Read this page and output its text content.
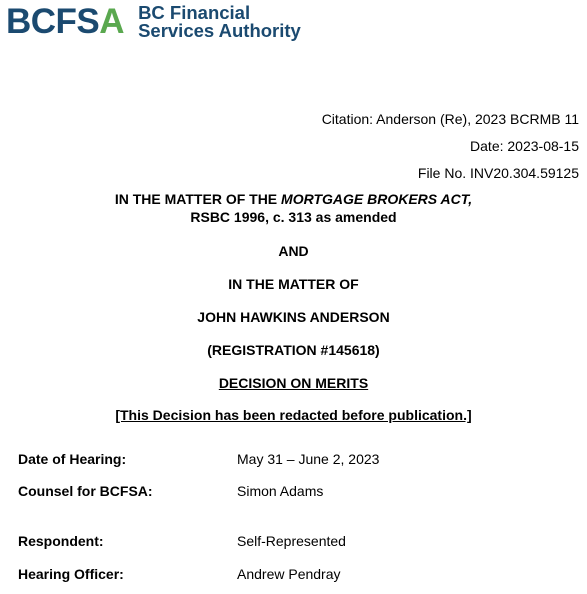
BCFS A BC Financial
Services Authority
Citation: Anderson (Re), 2023 BCRMB 11
Date: 2023-08-15
File No. INV20.304.59125
IN THE MATTER OF THE MORTGAGE BROKERS ACT,
RSBC 1996, c. 313 as amended
AND
IN THE MATTER OF
JOHN HAWKINS ANDERSON
(REGISTRATION #145618)
DECISION ON MERITS
[This Decision has been redacted before publication.]
Date of Hearing:	May 31 – June 2, 2023
Counsel for BCFSA:	Simon Adams
Respondent:	Self-Represented
Hearing Officer:	Andrew Pendray
